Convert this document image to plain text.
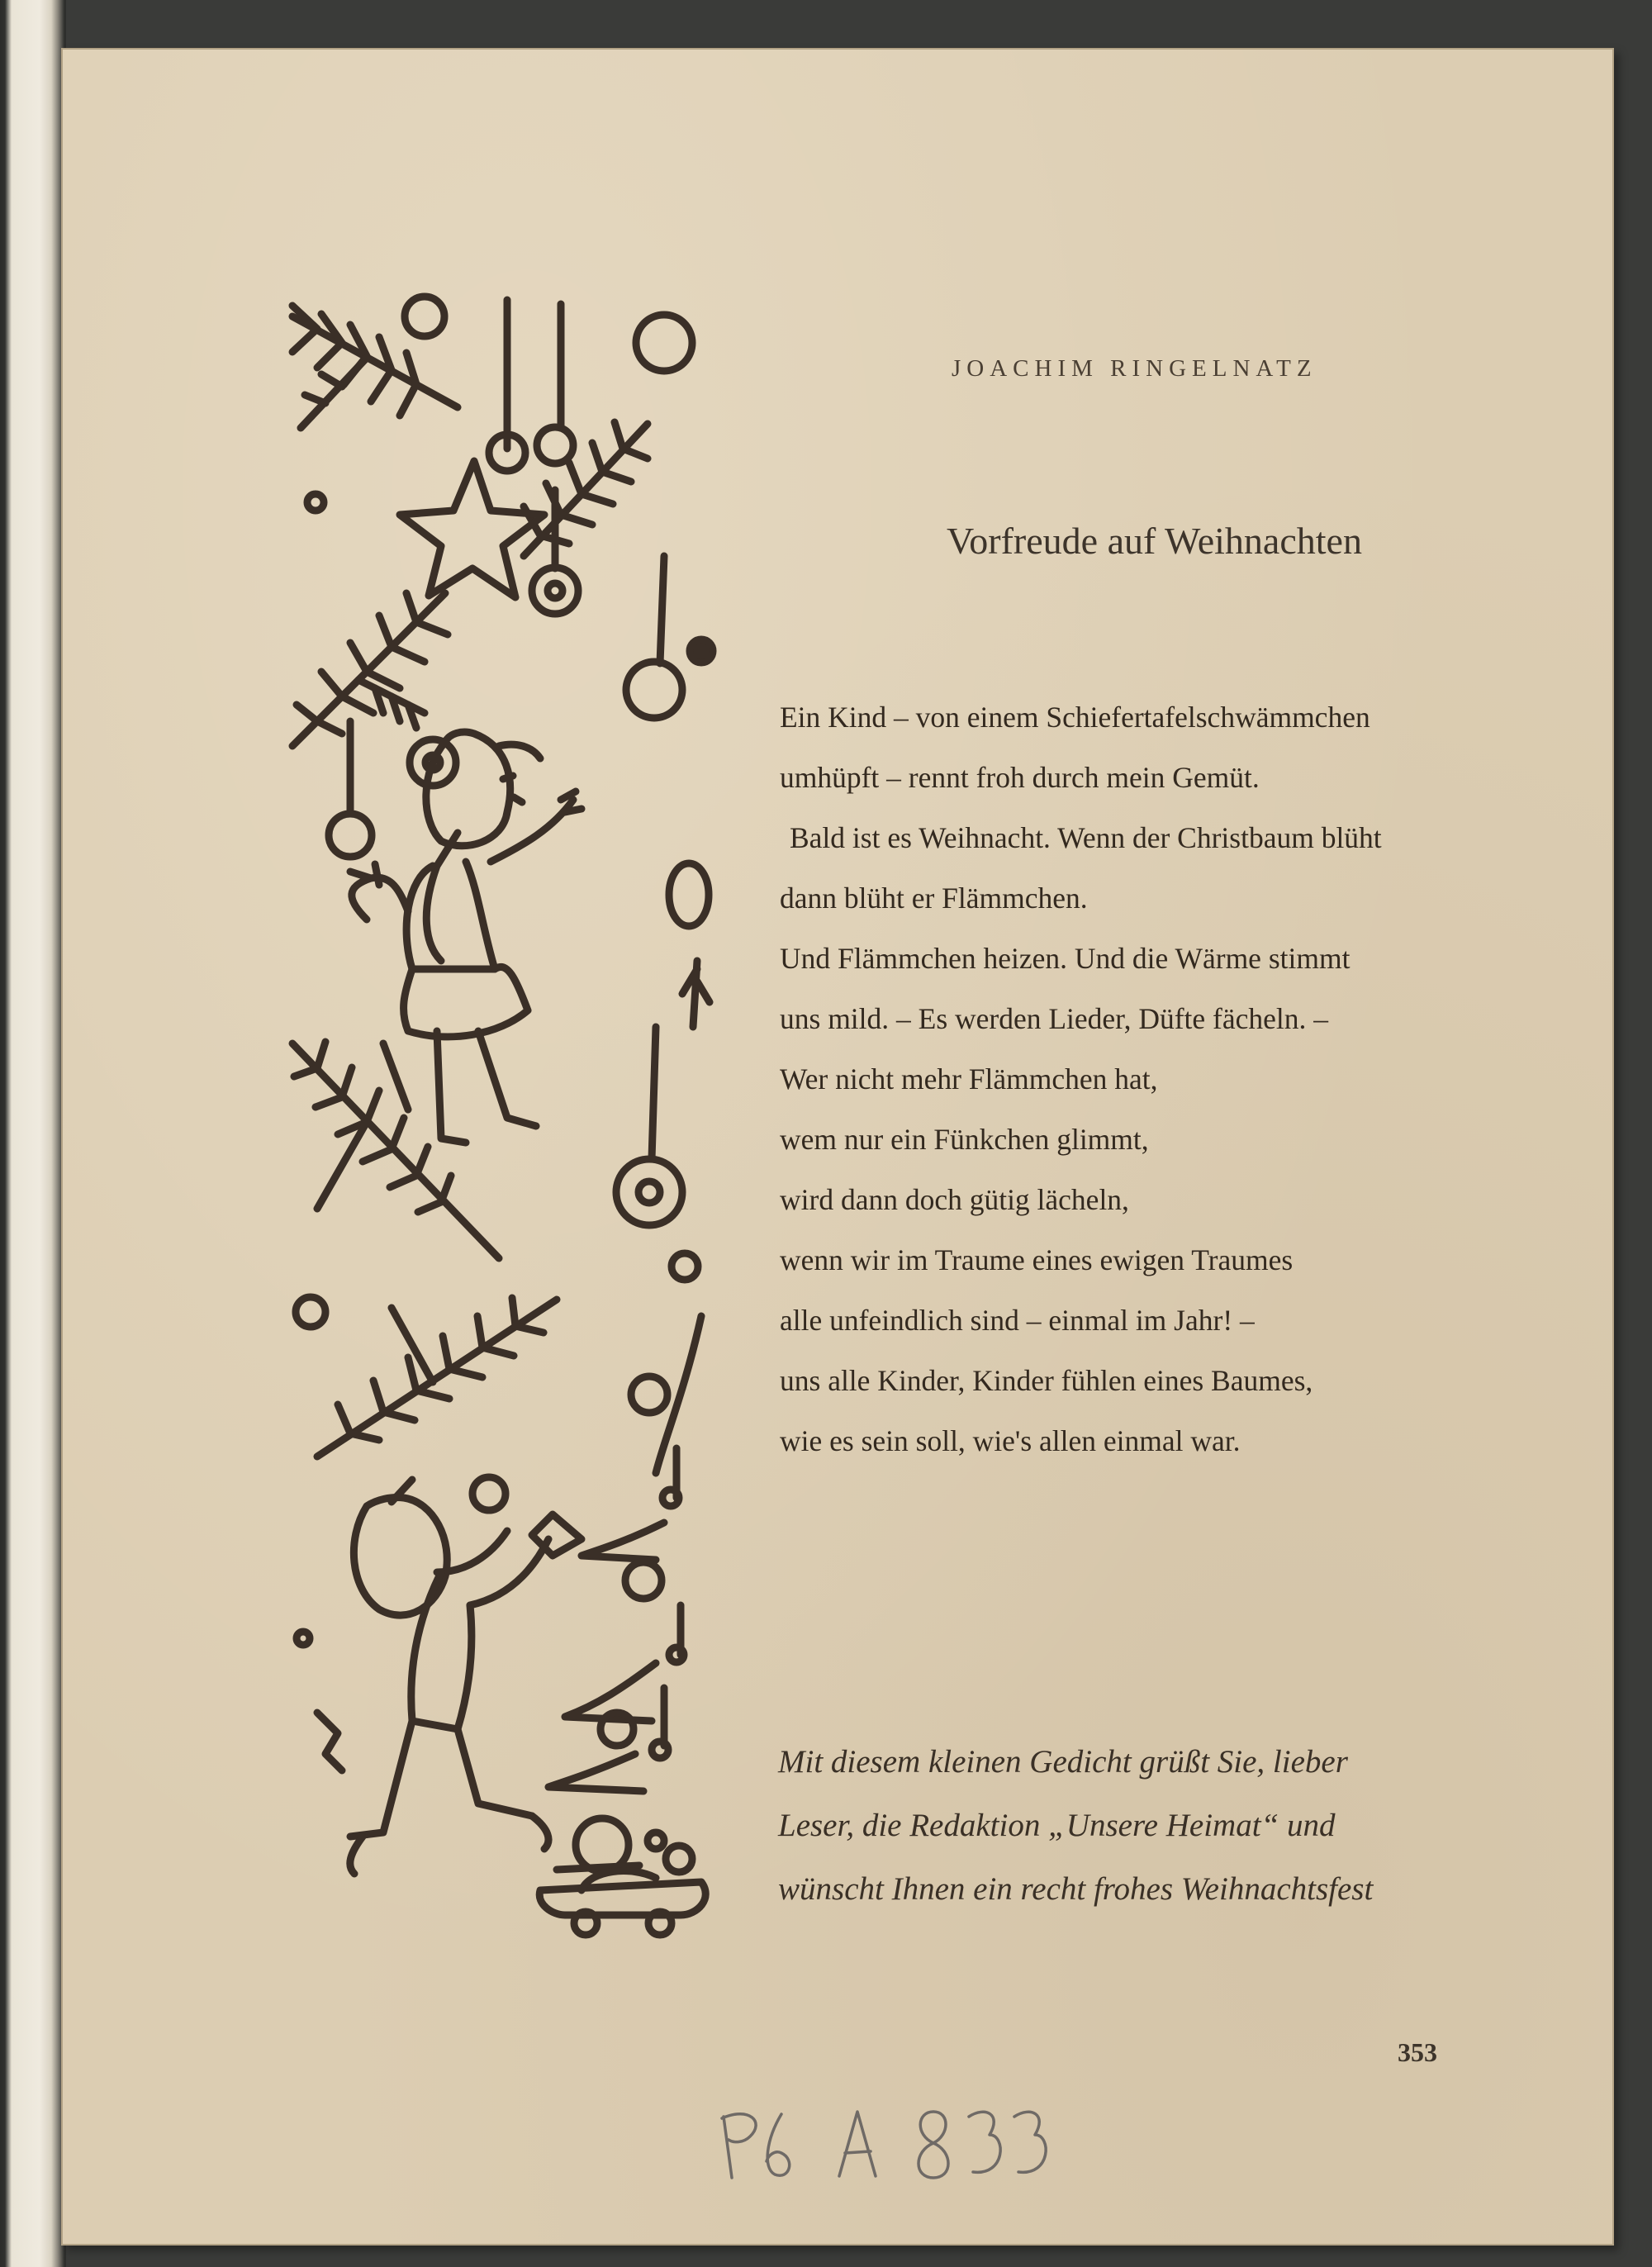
JOACHIM RINGELNATZ
Vorfreude auf Weihnachten
Ein Kind – von einem Schiefertafelschwämmchen
umhüpft – rennt froh durch mein Gemüt.
Bald ist es Weihnacht. Wenn der Christbaum blüht
dann blüht er Flämmchen.
Und Flämmchen heizen. Und die Wärme stimmt
uns mild. – Es werden Lieder, Düfte fächeln. –
Wer nicht mehr Flämmchen hat,
wem nur ein Fünkchen glimmt,
wird dann doch gütig lächeln,
wenn wir im Traume eines ewigen Traumes
alle unfeindlich sind – einmal im Jahr! –
uns alle Kinder, Kinder fühlen eines Baumes,
wie es sein soll, wie's allen einmal war.
Mit diesem kleinen Gedicht grüßt Sie, lieber
Leser, die Redaktion „Unsere Heimat“ und
wünscht Ihnen ein recht frohes Weihnachtsfest
353
